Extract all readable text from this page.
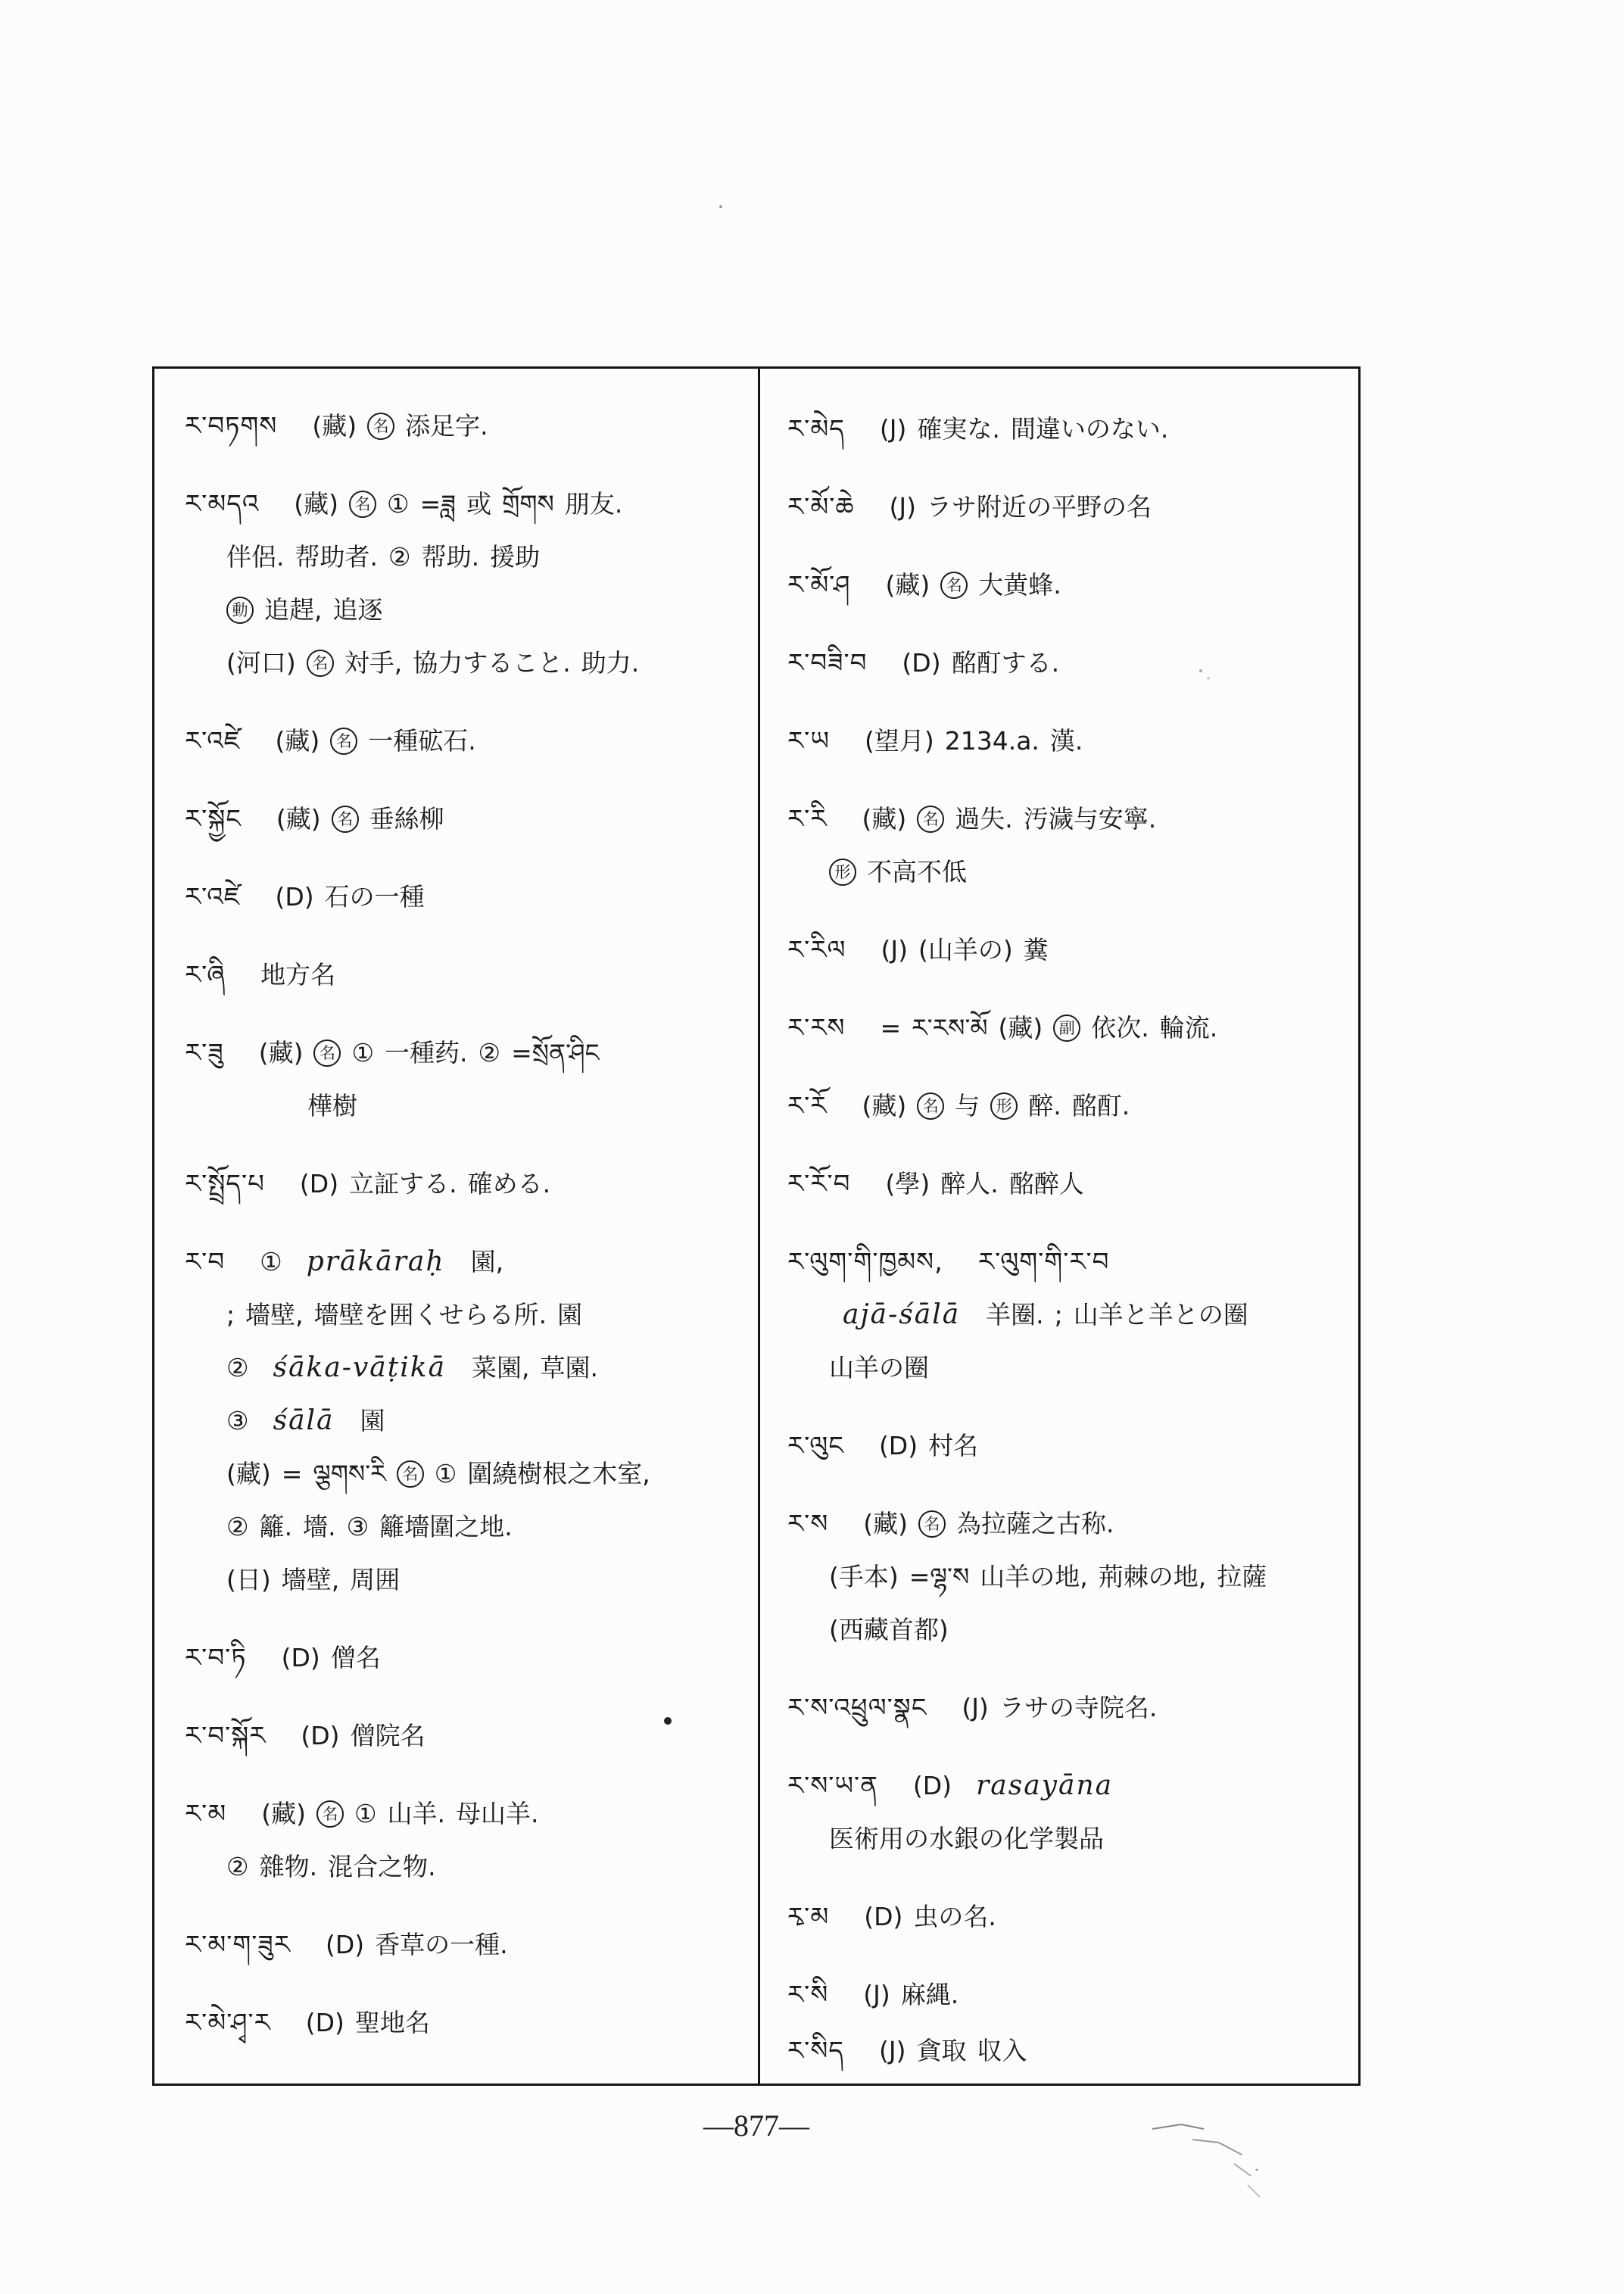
ར་བཏགས (藏) 名 添足字.
ར་མདའ (藏) 名 ① =ཟླ 或 གྲོགས 朋友.
伴侶. 帮助者. ② 帮助. 援助
動 追趕, 追逐
(河口) 名 対手, 協力すること. 助力.
ར་འཛེ (藏) 名 一種砿石.
ར་སྐྱོང (藏) 名 垂絲柳
ར་འཛེ (D) 石の一種
ར་ཞི 地方名
ར་ཟུ (藏) 名 ① 一種药. ② =སྲོན་ཤིང
樺樹
ར་སྤྲོད་པ (D) 立証する. 確める.
ར་བ ① prākāraḥ 園,
; 墻壁, 墻壁を囲くせらる所. 園
② śāka-vāṭikā 菜園, 草園.
③ śālā 園
(藏) = ལྕགས་རི 名 ① 圍繞樹根之木室,
② 籬. 墻. ③ 籬墻圍之地.
(日) 墻壁, 周囲
ར་བ་ཏི (D) 僧名
ར་བ་སྐོར (D) 僧院名
ར་མ (藏) 名 ① 山羊. 母山羊.
② 雜物. 混合之物.
ར་མ་ག་ཟུར (D) 香草の一種.
ར་མེ་ཤྭ་ར (D) 聖地名
ར་མེད (J) 確実な. 間違いのない.
ར་མོ་ཆེ (J) ラサ附近の平野の名
ར་མོ་ཤ (藏) 名 大黄蜂.
ར་བཟི་བ (D) 酩酊する.
ར་ཡ (望月) 2134.a. 漢.
ར་རི (藏) 名 過失. 汚濊与安寧.
形 不高不低
ར་རིལ (J) (山羊の) 糞
ར་རས = ར་རས་མོ (藏) 副 依次. 輪流.
ར་རོ (藏) 名 与 形 醉. 酩酊.
ར་རོ་བ (學) 醉人. 酩醉人
ར་ལུག་གི་ཁྱམས, ར་ལུག་གི་ར་བ
ajā-śālā 羊圈. ; 山羊と羊との圈
山羊の圈
ར་ལུང (D) 村名
ར་ས (藏) 名 為拉薩之古称.
(手本) =ལྷ་ས 山羊の地, 荊棘の地, 拉薩
(西藏首都)
ར་ས་འཕྲུལ་སྣང (J) ラサの寺院名.
ར་ས་ཡ་ན (D) rasayāna
医術用の水銀の化学製品
རྭ་མ (D) 虫の名.
ར་སི (J) 麻縄.
ར་སིད (J) 貪取 収入
—877—
